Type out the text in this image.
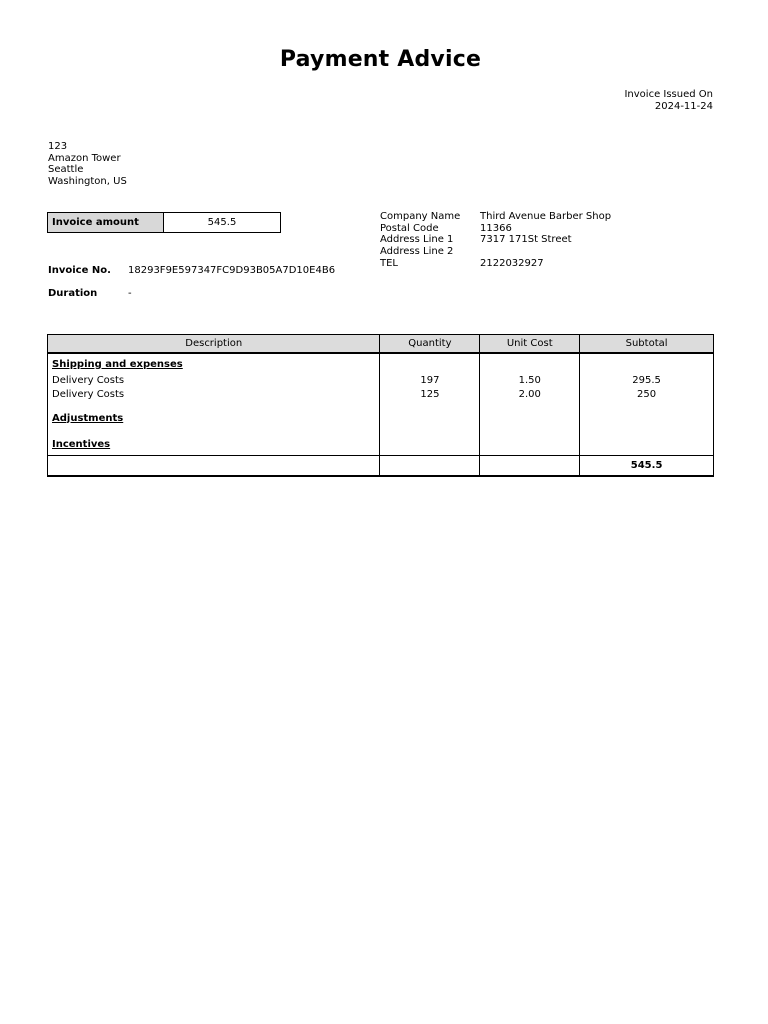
Payment Advice
Invoice Issued On
2024-11-24
123
Amazon Tower
Seattle
Washington, US
Invoice amount	545.5
Company Name	Third Avenue Barber Shop
Postal Code	11366
Address Line 1	7317 171St Street
Address Line 2
TEL	2122032927
Invoice No. 18293F9E597347FC9D93B05A7D10E4B6
Duration	-
Description	Quantity	Unit Cost	Subtotal

Shipping and expenses			

Delivery Costs	197	1.50	295.5
Delivery Costs	125	2.00	250

Adjustments			

Incentives			

			545.5
